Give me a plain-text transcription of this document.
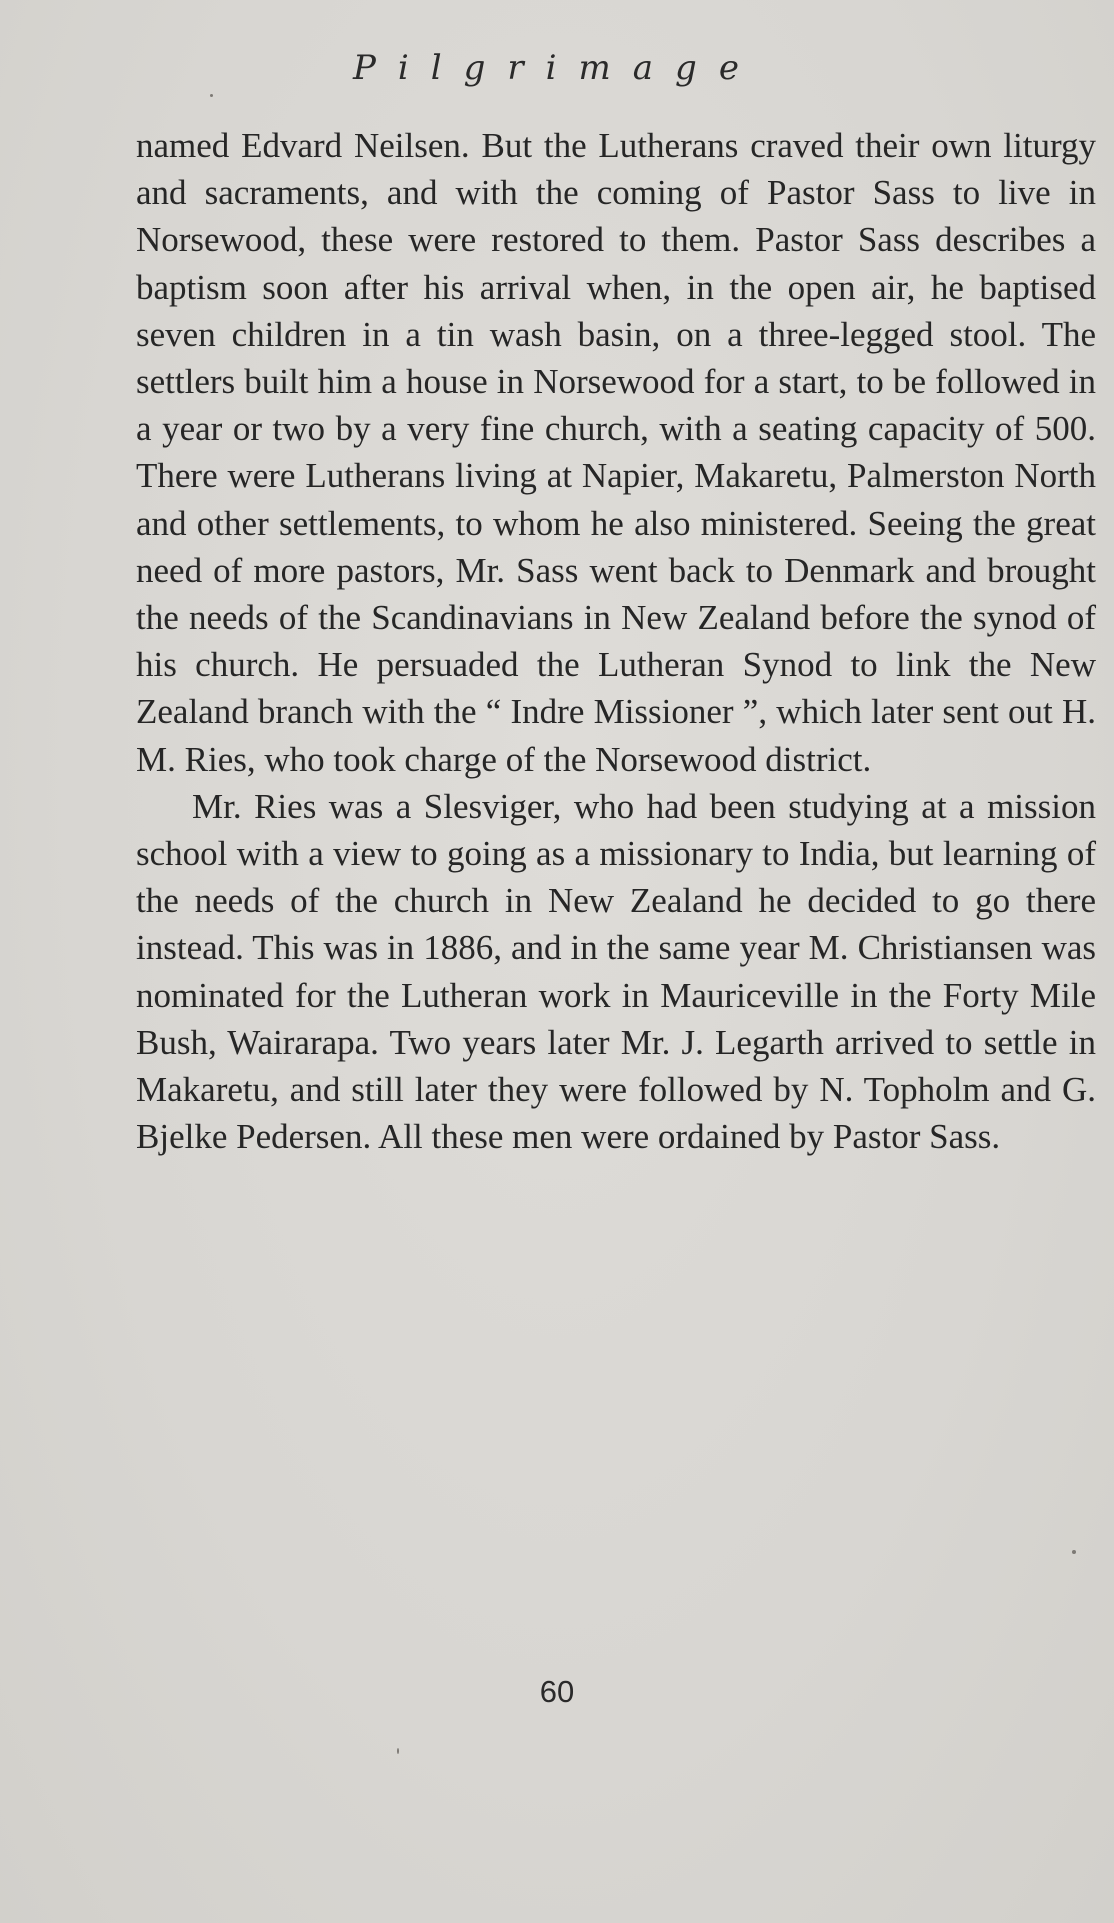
Pilgrimage

named Edvard Neilsen. But the Lutherans craved their own liturgy and sacraments, and with the coming of Pastor Sass to live in Norsewood, these were restored to them. Pastor Sass describes a baptism soon after his arrival when, in the open air, he baptised seven children in a tin wash basin, on a three-legged stool. The settlers built him a house in Norsewood for a start, to be followed in a year or two by a very fine church, with a seating capacity of 500. There were Lutherans living at Napier, Makaretu, Palmerston North and other settlements, to whom he also ministered. Seeing the great need of more pastors, Mr. Sass went back to Denmark and brought the needs of the Scandinavians in New Zealand before the synod of his church. He persuaded the Lutheran Synod to link the New Zealand branch with the “ Indre Missioner ”, which later sent out H. M. Ries, who took charge of the Norsewood district.

Mr. Ries was a Slesviger, who had been studying at a mission school with a view to going as a missionary to India, but learning of the needs of the church in New Zealand he decided to go there instead. This was in 1886, and in the same year M. Christiansen was nominated for the Lutheran work in Mauriceville in the Forty Mile Bush, Wairarapa. Two years later Mr. J. Legarth arrived to settle in Makaretu, and still later they were followed by N. Topholm and G. Bjelke Pedersen. All these men were ordained by Pastor Sass.

60
